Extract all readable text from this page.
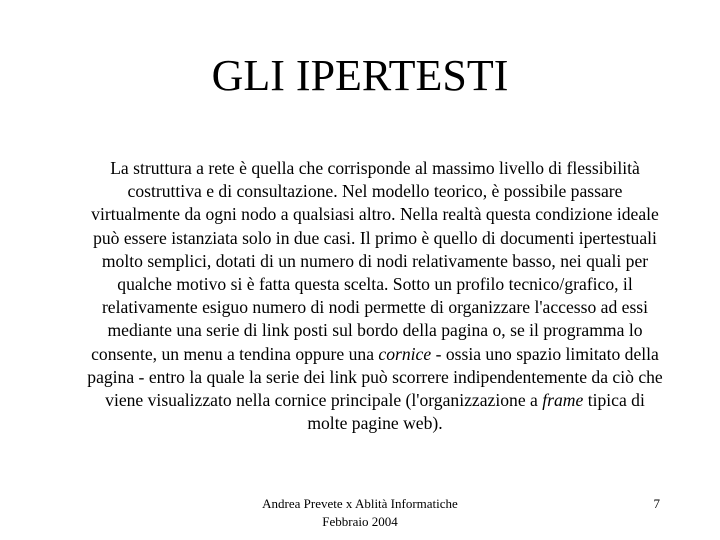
GLI IPERTESTI
La struttura a rete è quella che corrisponde al massimo livello di flessibilità costruttiva e di consultazione. Nel modello teorico, è possibile passare virtualmente da ogni nodo a qualsiasi altro. Nella realtà questa condizione ideale può essere istanziata solo in due casi. Il primo è quello di documenti ipertestuali molto semplici, dotati di un numero di nodi relativamente basso, nei quali per qualche motivo si è fatta questa scelta. Sotto un profilo tecnico/grafico, il relativamente esiguo numero di nodi permette di organizzare l'accesso ad essi mediante una serie di link posti sul bordo della pagina o, se il programma lo consente, un menu a tendina oppure una cornice - ossia uno spazio limitato della pagina - entro la quale la serie dei link può scorrere indipendentemente da ciò che viene visualizzato nella cornice principale (l'organizzazione a frame tipica di molte pagine web).
Andrea Prevete x Ablità Informatiche
Febbraio 2004
7
